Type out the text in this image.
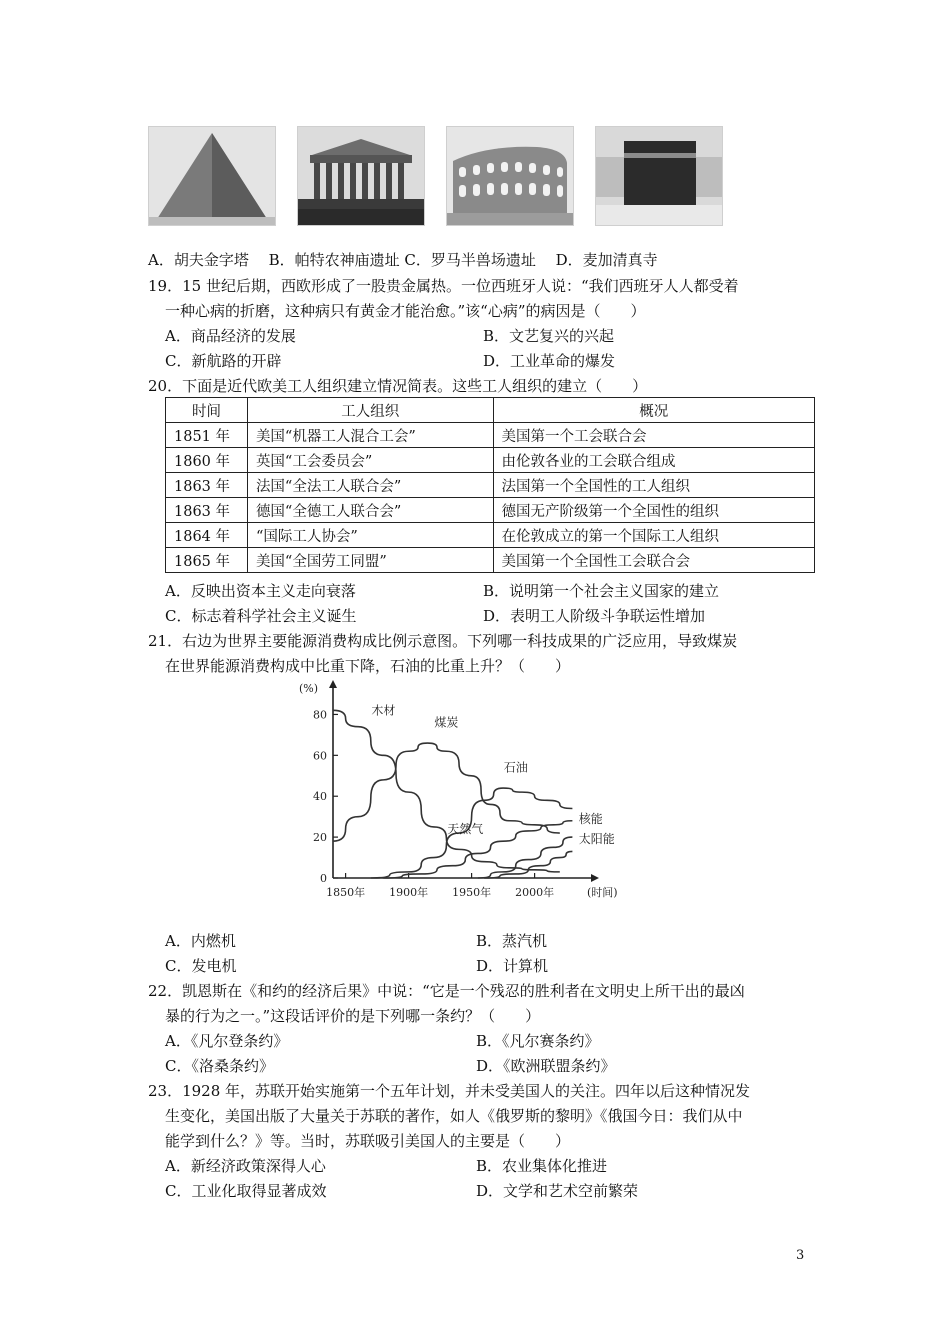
A．胡夫金字塔　 B．帕特农神庙遗址 C．罗马半兽场遗址　 D．麦加清真寺
19．15 世纪后期，西欧形成了一股贵金属热。一位西班牙人说：“我们西班牙人人都受着
一种心病的折磨，这种病只有黄金才能治愈。”该“心病”的病因是（　　）
A．商品经济的发展	B．文艺复兴的兴起
C．新航路的开辟	D．工业革命的爆发
20．下面是近代欧美工人组织建立情况简表。这些工人组织的建立（　　）
时间	工人组织	概况
1851 年	美国“机器工人混合工会”	美国第一个工会联合会
1860 年	英国“工会委员会”	由伦敦各业的工会联合组成
1863 年	法国“全法工人联合会”	法国第一个全国性的工人组织
1863 年	德国“全德工人联合会”	德国无产阶级第一个全国性的组织
1864 年	“国际工人协会”	在伦敦成立的第一个国际工人组织
1865 年	美国“全国劳工同盟”	美国第一个全国性工会联合会
A．反映出资本主义走向衰落	B．说明第一个社会主义国家的建立
C．标志着科学社会主义诞生	D．表明工人阶级斗争联运性增加
21．右边为世界主要能源消费构成比例示意图。下列哪一科技成果的广泛应用，导致煤炭
在世界能源消费构成中比重下降，石油的比重上升？（　　）
(%)
(时间)
0
20
40
60
80
1850年 1900年 1950年 2000年
木材
煤炭
石油
天然气
核能
太阳能
A．内燃机	B．蒸汽机
C．发电机	D．计算机
22．凯恩斯在《和约的经济后果》中说：“它是一个残忍的胜利者在文明史上所干出的最凶
暴的行为之一。”这段话评价的是下列哪一条约？（　　）
A．《凡尔登条约》	B．《凡尔赛条约》
C．《洛桑条约》	D．《欧洲联盟条约》
23．1928 年，苏联开始实施第一个五年计划，并未受美国人的关注。四年以后这种情况发
生变化，美国出版了大量关于苏联的著作，如人《俄罗斯的黎明》《俄国今日：我们从中
能学到什么？》等。当时，苏联吸引美国人的主要是（　　）
A．新经济政策深得人心	B．农业集体化推进
C．工业化取得显著成效	D．文学和艺术空前繁荣
3
